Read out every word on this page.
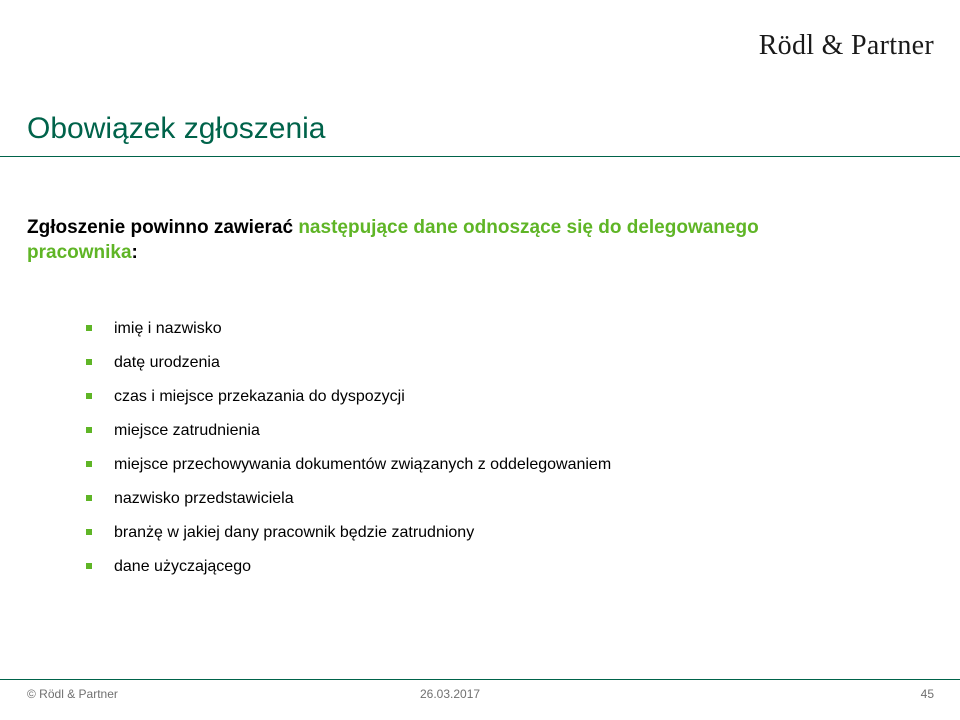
Rödl & Partner
Obowiązek zgłoszenia

Zgłoszenie powinno zawierać następujące dane odnoszące się do delegowanego pracownika:

imię i nazwisko
datę urodzenia
czas i miejsce przekazania do dyspozycji
miejsce zatrudnienia
miejsce przechowywania dokumentów związanych z oddelegowaniem
nazwisko przedstawiciela
branżę w jakiej dany pracownik będzie zatrudniony
dane użyczającego
© Rödl & Partner	26.03.2017	45
